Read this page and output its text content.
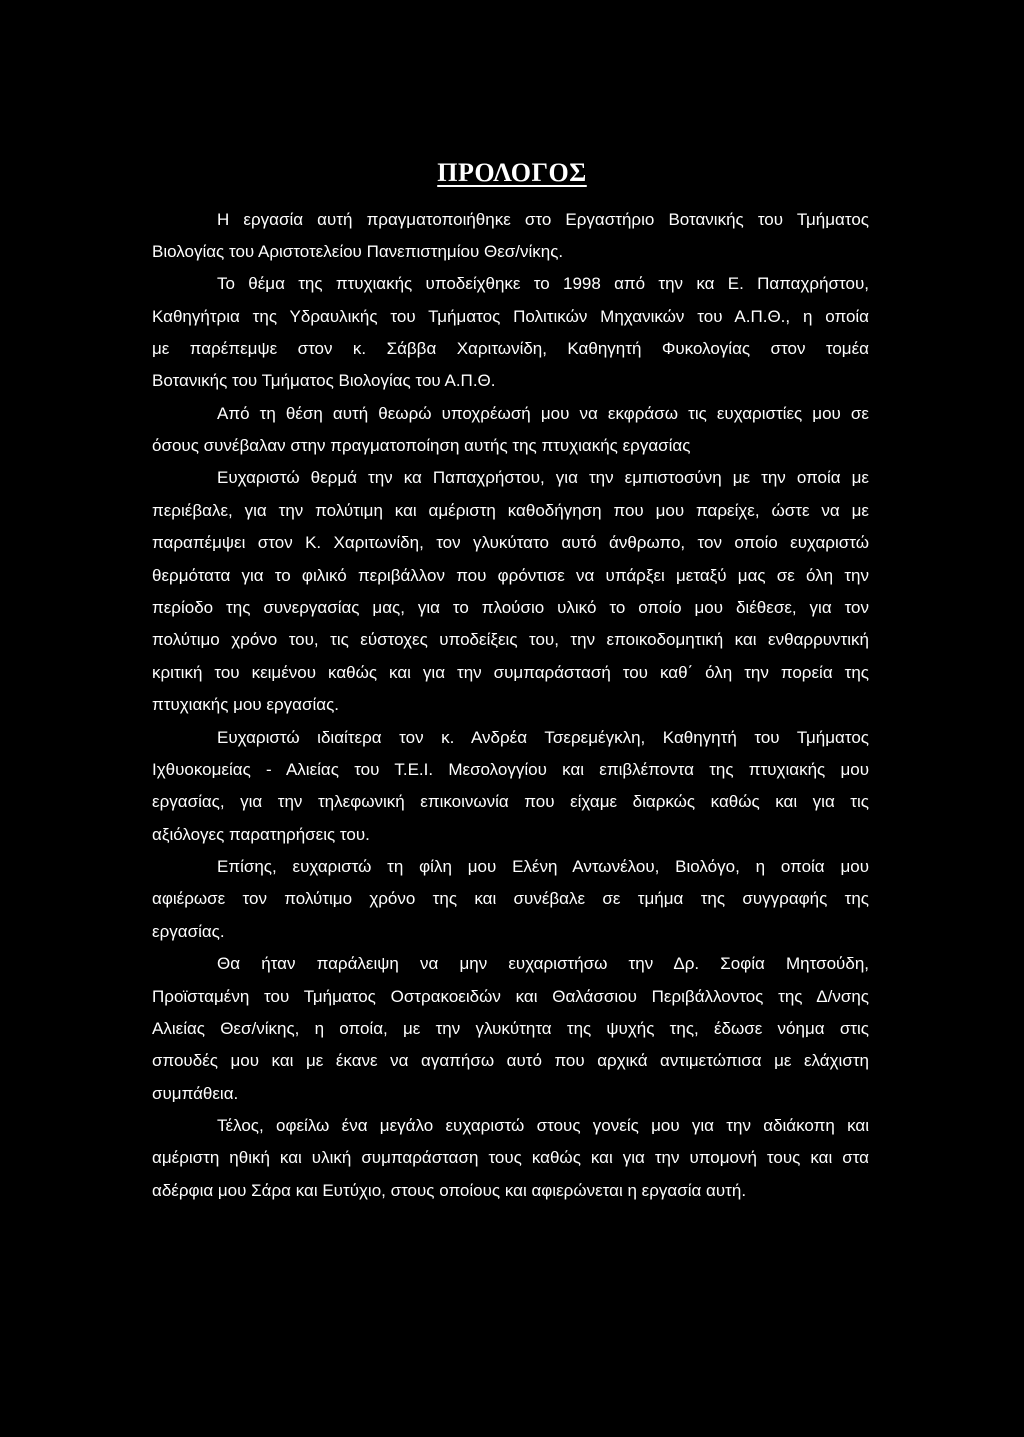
ΠΡΟΛΟΓΟΣ
Η εργασία αυτή πραγματοποιήθηκε στο Εργαστήριο Βοτανικής του Τμήματος
Βιολογίας του Αριστοτελείου Πανεπιστημίου Θεσ/νίκης.
Το θέμα της πτυχιακής υποδείχθηκε το 1998 από την κα Ε. Παπαχρήστου,
Καθηγήτρια της Υδραυλικής του Τμήματος Πολιτικών Μηχανικών του Α.Π.Θ., η οποία
με παρέπεμψε στον κ. Σάββα Χαριτωνίδη, Καθηγητή Φυκολογίας στον τομέα
Βοτανικής του Τμήματος Βιολογίας του Α.Π.Θ.
Από τη θέση αυτή θεωρώ υποχρέωσή μου να εκφράσω τις ευχαριστίες μου σε
όσους συνέβαλαν στην πραγματοποίηση αυτής της πτυχιακής εργασίας
Ευχαριστώ θερμά την κα Παπαχρήστου, για την εμπιστοσύνη με την οποία με
περιέβαλε, για την πολύτιμη και αμέριστη καθοδήγηση που μου παρείχε, ώστε να με
παραπέμψει στον Κ. Χαριτωνίδη, τον γλυκύτατο αυτό άνθρωπο, τον οποίο ευχαριστώ
θερμότατα για το φιλικό περιβάλλον που φρόντισε να υπάρξει μεταξύ μας σε όλη την
περίοδο της συνεργασίας μας, για το πλούσιο υλικό το οποίο μου διέθεσε, για τον
πολύτιμο χρόνο του, τις εύστοχες υποδείξεις του, την εποικοδομητική και ενθαρρυντική
κριτική του κειμένου καθώς και για την συμπαράστασή του καθ΄ όλη την πορεία της
πτυχιακής μου εργασίας.
Ευχαριστώ ιδιαίτερα τον κ. Ανδρέα Τσερεμέγκλη, Καθηγητή του Τμήματος
Ιχθυοκομείας - Αλιείας του Τ.Ε.Ι. Μεσολογγίου και επιβλέποντα της πτυχιακής μου
εργασίας, για την τηλεφωνική επικοινωνία που είχαμε διαρκώς καθώς και για τις
αξιόλογες παρατηρήσεις του.
Επίσης, ευχαριστώ τη φίλη μου Ελένη Αντωνέλου, Βιολόγο, η οποία μου
αφιέρωσε τον πολύτιμο χρόνο της και συνέβαλε σε τμήμα της συγγραφής της
εργασίας.
Θα ήταν παράλειψη να μην ευχαριστήσω την Δρ. Σοφία Μητσούδη,
Προϊσταμένη του Τμήματος Οστρακοειδών και Θαλάσσιου Περιβάλλοντος της Δ/νσης
Αλιείας Θεσ/νίκης, η οποία, με την γλυκύτητα της ψυχής της, έδωσε νόημα στις
σπουδές μου και με έκανε να αγαπήσω αυτό που αρχικά αντιμετώπισα με ελάχιστη
συμπάθεια.
Τέλος, οφείλω ένα μεγάλο ευχαριστώ στους γονείς μου για την αδιάκοπη και
αμέριστη ηθική και υλική συμπαράσταση τους καθώς και για την υπομονή τους και στα
αδέρφια μου Σάρα και Ευτύχιο, στους οποίους και αφιερώνεται η εργασία αυτή.
